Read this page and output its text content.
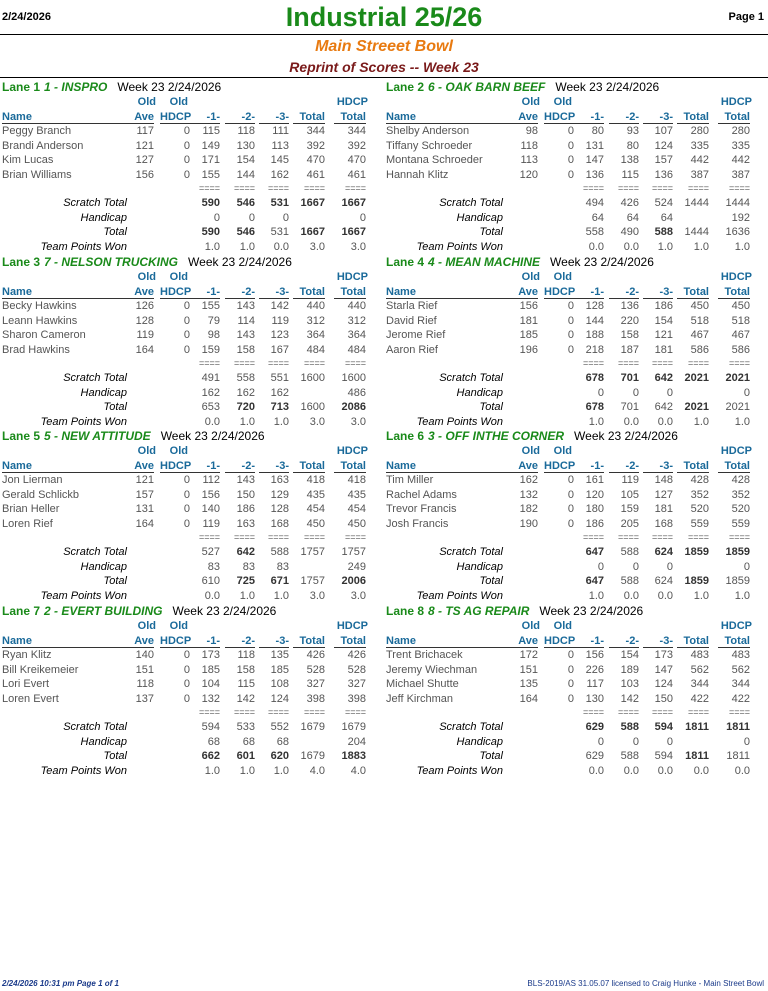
2/24/2026	Industrial 25/26	Page 1
Main Streeet Bowl
Reprint of Scores -- Week 23
Lane 1 1 - INSPRO Week 23 2/24/2026
Old Old	HDCP
Name	Ave HDCP	-1-	-2-	-3- Total	Total
Peggy Branch	117	0 115 118 111 344 344
Brandi Anderson	121	0 149 130 113 392 392
Kim Lucas	127	0 171 154 145 470 470
Brian Williams	156	0 155 144 162 461 461
==== ==== ==== ==== ====
Scratch Total	590 546 531 1667 1667
Handicap	0	0	0	0
Total	590 546 531 1667 1667
Team Points Won	1.0 1.0 0.0 3.0 3.0
Lane 2 6 - OAK BARN BEEF Week 23 2/24/2026
Old Old	HDCP
Name	Ave HDCP	-1-	-2-	-3- Total	Total
Shelby Anderson	98	0 80 93 107 280 280
Tiffany Schroeder	118	0 131 80 124 335 335
Montana Schroeder	113	0 147 138 157 442 442
Hannah Klitz	120	0 136 115 136 387 387
==== ==== ==== ==== ====
Scratch Total	494 426 524 1444 1444
Handicap	64 64 64	192
Total	558 490 588 1444 1636
Team Points Won	0.0 0.0 1.0 1.0 1.0
Lane 3 7 - NELSON TRUCKING Week 23 2/24/2026
Old Old	HDCP
Name	Ave HDCP	-1-	-2-	-3- Total	Total
Becky Hawkins	126	0 155 143 142 440 440
Leann Hawkins	128	0 79 114 119 312 312
Sharon Cameron	119	0 98 143 123 364 364
Brad Hawkins	164	0 159 158 167 484 484
==== ==== ==== ==== ====
Scratch Total	491 558 551 1600 1600
Handicap	162 162 162	486
Total	653 720 713 1600 2086
Team Points Won	0.0 1.0 1.0 3.0 3.0
Lane 4 4 - MEAN MACHINE Week 23 2/24/2026
Old Old	HDCP
Name	Ave HDCP	-1-	-2-	-3- Total	Total
Starla Rief	156	0 128 136 186 450 450
David Rief	181	0 144 220 154 518 518
Jerome Rief	185	0 188 158 121 467 467
Aaron Rief	196	0 218 187 181 586 586
==== ==== ==== ==== ====
Scratch Total	678 701 642 2021 2021
Handicap	0	0	0	0
Total	678 701 642 2021 2021
Team Points Won	1.0 0.0 0.0 1.0 1.0
Lane 5 5 - NEW ATTITUDE Week 23 2/24/2026
Old Old	HDCP
Name	Ave HDCP	-1-	-2-	-3- Total	Total
Jon Lierman	121	0 112 143 163 418 418
Gerald Schlickb	157	0 156 150 129 435 435
Brian Heller	131	0 140 186 128 454 454
Loren Rief	164	0 119 163 168 450 450
==== ==== ==== ==== ====
Scratch Total	527 642 588 1757 1757
Handicap	83 83 83	249
Total	610 725 671 1757 2006
Team Points Won	0.0 1.0 1.0 3.0 3.0
Lane 6 3 - OFF INTHE CORNER Week 23 2/24/2026
Old Old	HDCP
Name	Ave HDCP	-1-	-2-	-3- Total	Total
Tim Miller	162	0 161 119 148 428 428
Rachel Adams	132	0 120 105 127 352 352
Trevor Francis	182	0 180 159 181 520 520
Josh Francis	190	0 186 205 168 559 559
==== ==== ==== ==== ====
Scratch Total	647 588 624 1859 1859
Handicap	0	0	0	0
Total	647 588 624 1859 1859
Team Points Won	1.0 0.0 0.0 1.0 1.0
Lane 7 2 - EVERT BUILDING Week 23 2/24/2026
Old Old	HDCP
Name	Ave HDCP	-1-	-2-	-3- Total	Total
Ryan Klitz	140	0 173 118 135 426 426
Bill Kreikemeier	151	0 185 158 185 528 528
Lori Evert	118	0 104 115 108 327 327
Loren Evert	137	0 132 142 124 398 398
==== ==== ==== ==== ====
Scratch Total	594 533 552 1679 1679
Handicap	68 68 68	204
Total	662 601 620 1679 1883
Team Points Won	1.0 1.0 1.0 4.0 4.0
Lane 8 8 - TS AG REPAIR Week 23 2/24/2026
Old Old	HDCP
Name	Ave HDCP	-1-	-2-	-3- Total	Total
Trent Brichacek	172	0 156 154 173 483 483
Jeremy Wiechman	151	0 226 189 147 562 562
Michael Shutte	135	0 117 103 124 344 344
Jeff Kirchman	164	0 130 142 150 422 422
==== ==== ==== ==== ====
Scratch Total	629 588 594 1811 1811
Handicap	0	0	0	0
Total	629 588 594 1811 1811
Team Points Won	0.0 0.0 0.0 0.0 0.0
2/24/2026 10:31 pm Page 1 of 1	BLS-2019/AS 31.05.07 licensed to Craig Hunke - Main Street Bowl
